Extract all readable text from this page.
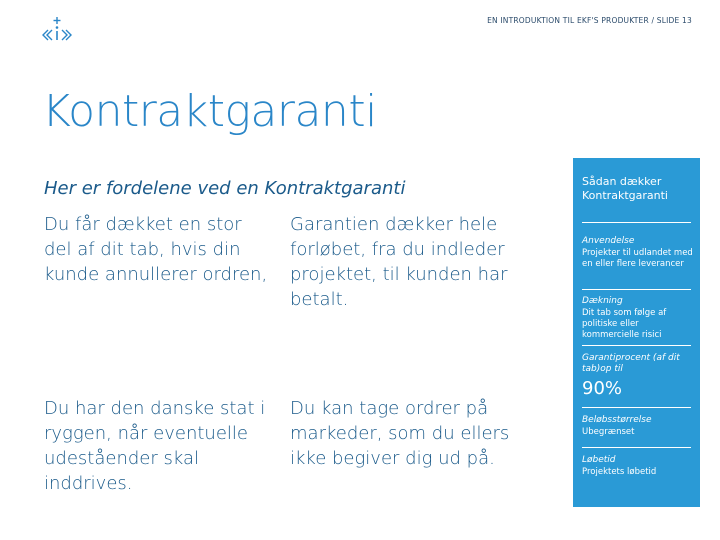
EN INTRODUKTION TIL EKF'S PRODUKTER / SLIDE 13
Kontraktgaranti
Her er fordelene ved en Kontraktgaranti
Du får dækket en stor del af dit tab, hvis din kunde annullerer ordren,
Garantien dækker hele forløbet, fra du indleder projektet, til kunden har betalt.
Du har den danske stat i ryggen, når eventuelle udeståender skal inddrives.
Du kan tage ordrer på markeder, som du ellers ikke begiver dig ud på.
Sådan dækker Kontraktgaranti
Anvendelse
Projekter til udlandet med en eller flere leverancer
Dækning
Dit tab som følge af politiske eller kommercielle risici
Garantiprocent (af dit tab)op til
90%
Beløbsstørrelse
Ubegrænset
Løbetid
Projektets løbetid
